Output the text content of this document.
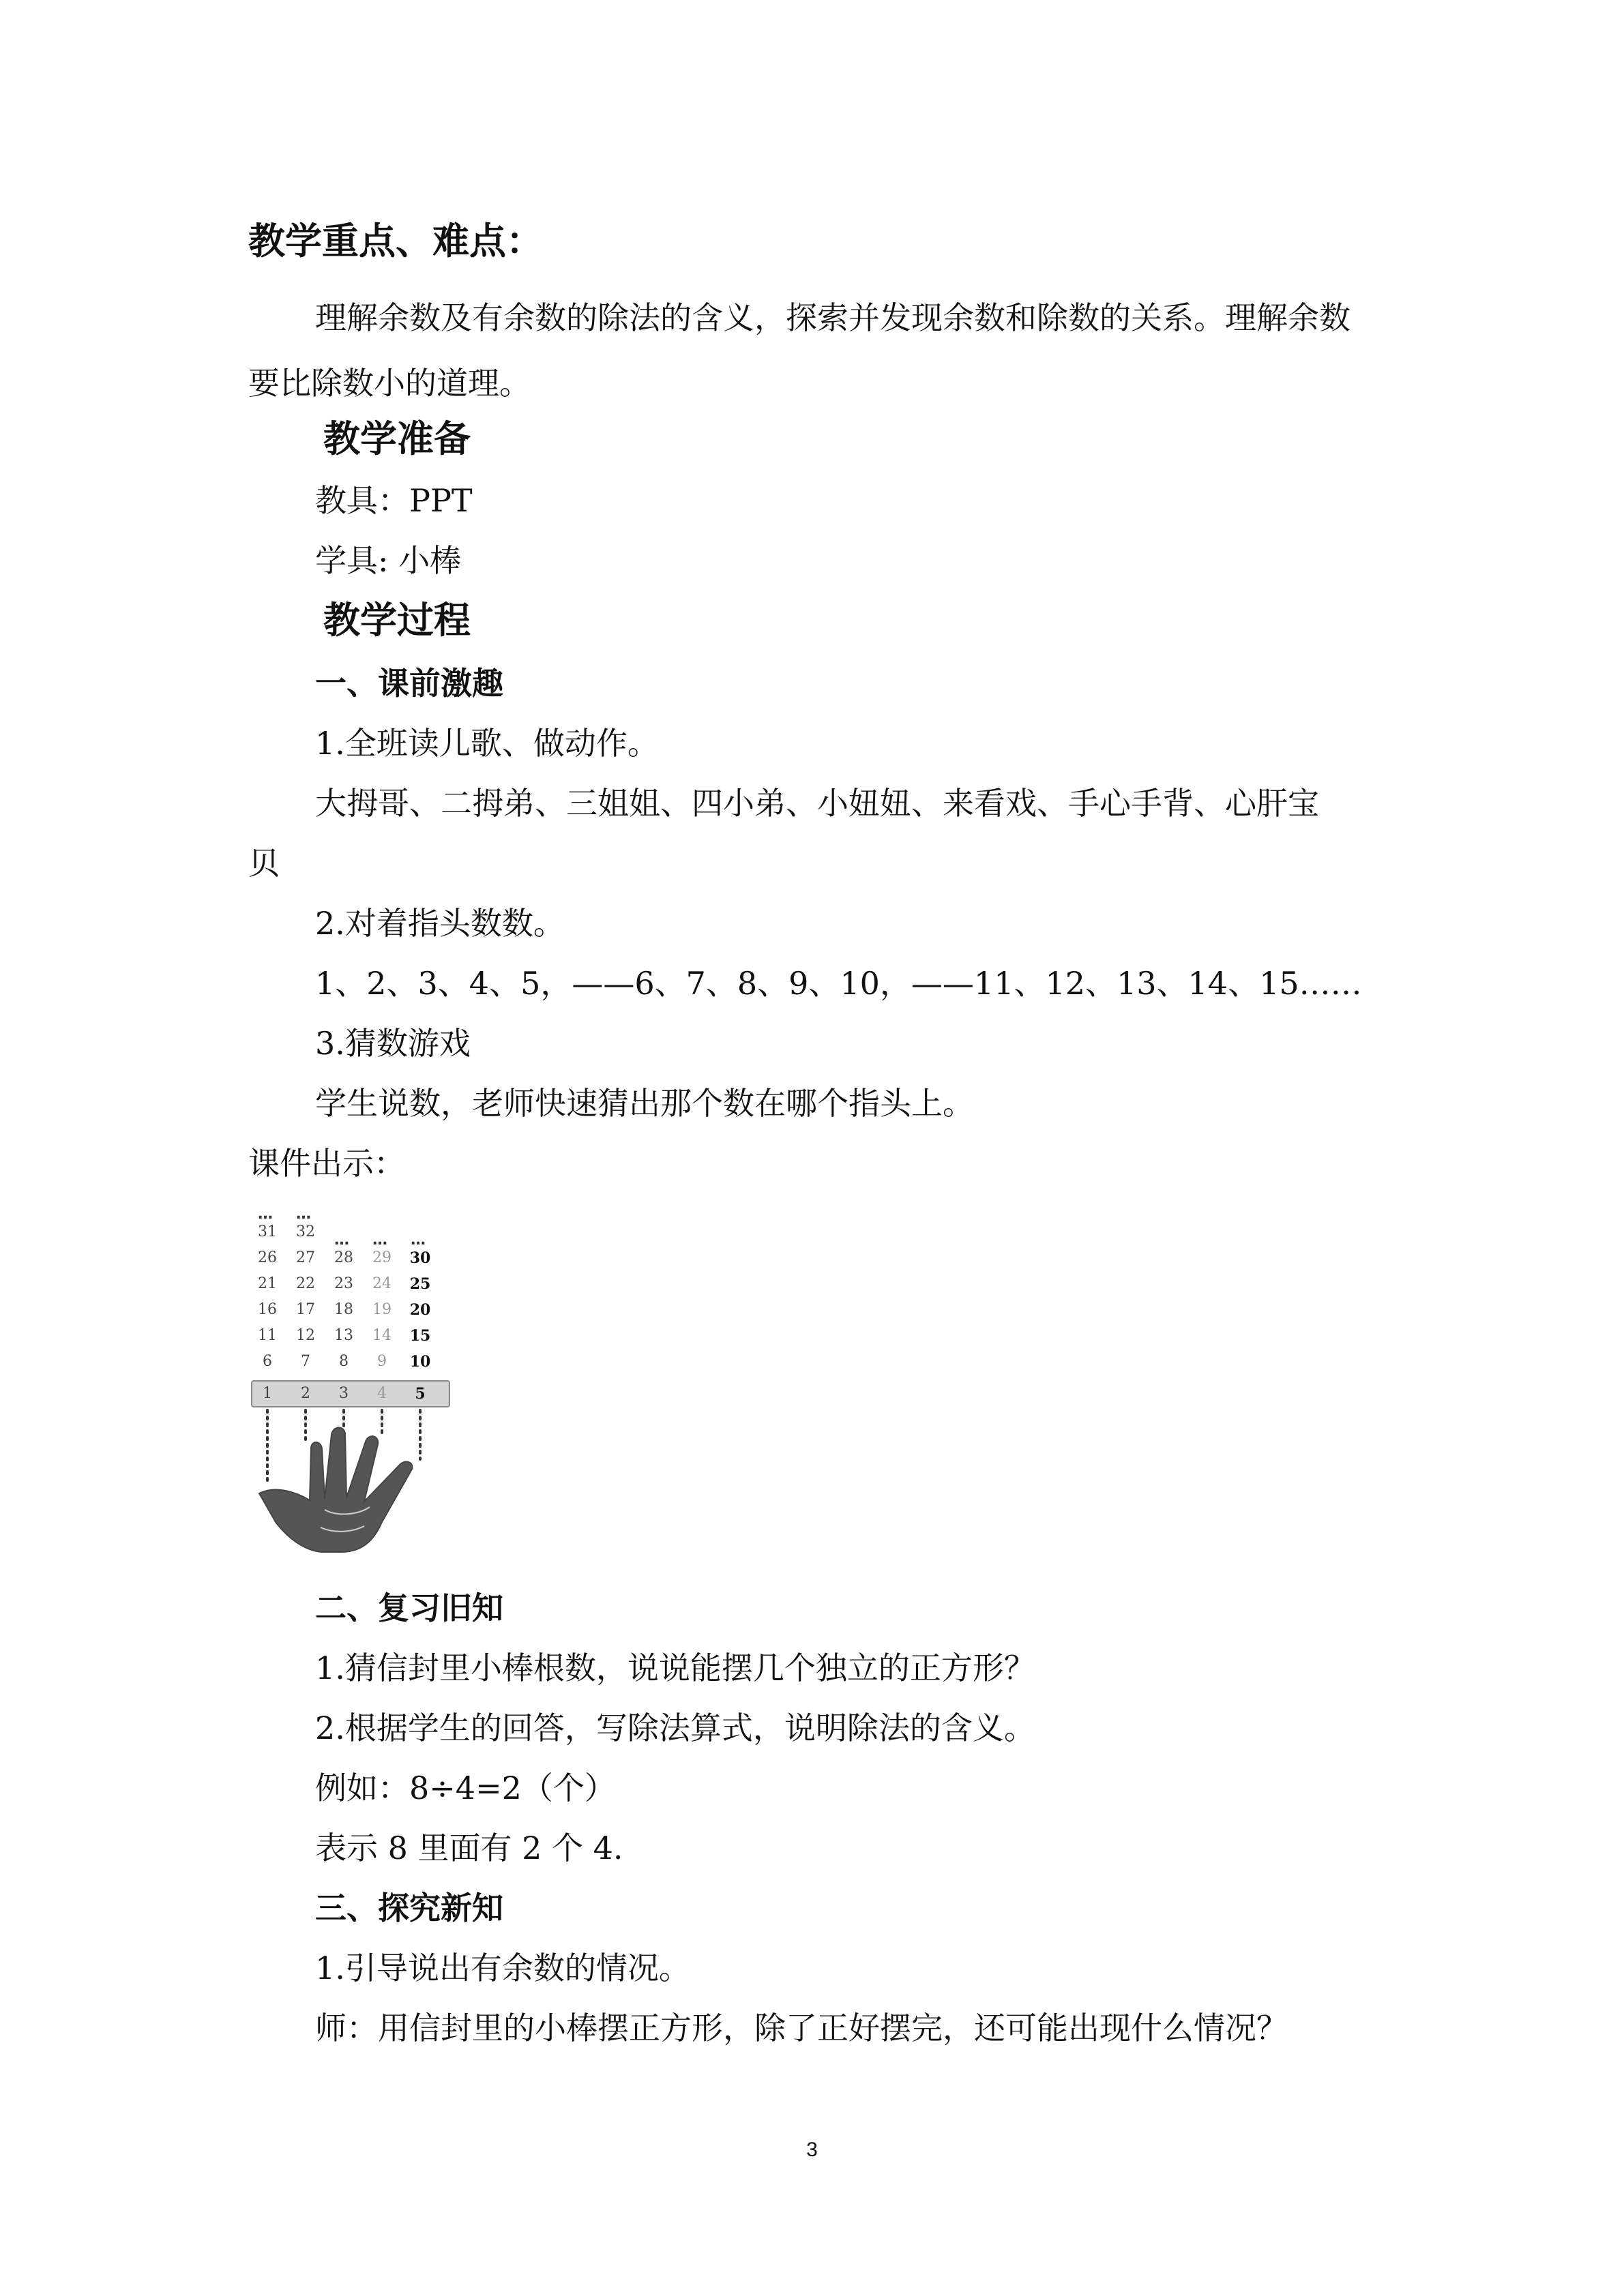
教学重点、难点：
理解余数及有余数的除法的含义，探索并发现余数和除数的关系。理解余数要比除数小的道理。
教学准备
教具：PPT
学具: 小棒
教学过程
一、课前激趣
1.全班读儿歌、做动作。
大拇哥、二拇弟、三姐姐、四小弟、小妞妞、来看戏、手心手背、心肝宝
贝
2.对着指头数数。
1、2、3、4、5，——6、7、8、9、10，——11、12、13、14、15……
3.猜数游戏
学生说数，老师快速猜出那个数在哪个指头上。
课件出示：
… …
… … …
31	32
26	27	28	29	30
21	22	23	24	25
16	17	18	19	20
11	12	13	14	15
6	7	8	9	10
1	2	3	4	5
二、复习旧知
1.猜信封里小棒根数，说说能摆几个独立的正方形？
2.根据学生的回答，写除法算式，说明除法的含义。
例如：8÷4=2（个）
表示 8 里面有 2 个 4.
三、探究新知
1.引导说出有余数的情况。
师：用信封里的小棒摆正方形，除了正好摆完，还可能出现什么情况？
3
